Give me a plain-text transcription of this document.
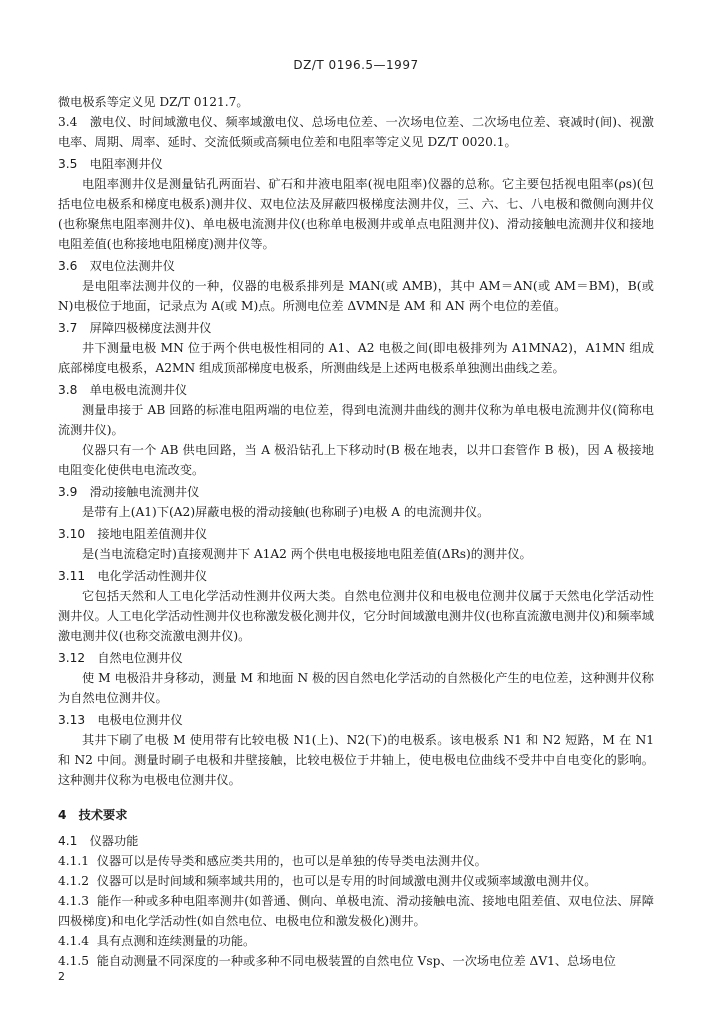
DZ/T 0196.5—1997
微电极系等定义见 DZ/T 0121.7。
3.4　激电仪、时间域激电仪、频率域激电仪、总场电位差、一次场电位差、二次场电位差、衰减时(间)、视激电率、周期、周率、延时、交流低频或高频电位差和电阻率等定义见 DZ/T 0020.1。
3.5　电阻率测井仪
电阻率测井仪是测量钻孔两面岩、矿石和井液电阻率(视电阻率)仪器的总称。它主要包括视电阻率(ρs)(包括电位电极系和梯度电极系)测井仪、双电位法及屏蔽四极梯度法测井仪，三、六、七、八电极和微侧向测井仪(也称聚焦电阻率测井仪)、单电极电流测井仪(也称单电极测井或单点电阻测井仪)、滑动接触电流测井仪和接地电阻差值(也称接地电阻梯度)测井仪等。
3.6　双电位法测井仪
是电阻率法测井仪的一种，仪器的电极系排列是 MAN(或 AMB)，其中 AM＝AN(或 AM＝BM)，B(或 N)电极位于地面，记录点为 A(或 M)点。所测电位差 ΔVMN是 AM 和 AN 两个电位的差值。
3.7　屏障四极梯度法测井仪
井下测量电极 MN 位于两个供电极性相同的 A1、A2 电极之间(即电极排列为 A1MNA2)，A1MN 组成底部梯度电极系，A2MN 组成顶部梯度电极系，所测曲线是上述两电极系单独测出曲线之差。
3.8　单电极电流测井仪
测量串接于 AB 回路的标准电阻两端的电位差，得到电流测井曲线的测井仪称为单电极电流测井仪(简称电流测井仪)。
仪器只有一个 AB 供电回路，当 A 极沿钻孔上下移动时(B 极在地表，以井口套管作 B 极)，因 A 极接地电阻变化使供电电流改变。
3.9　滑动接触电流测井仪
是带有上(A1)下(A2)屏蔽电极的滑动接触(也称刷子)电极 A 的电流测井仪。
3.10　接地电阻差值测井仪
是(当电流稳定时)直接观测井下 A1A2 两个供电电极接地电阻差值(ΔRs)的测井仪。
3.11　电化学活动性测井仪
它包括天然和人工电化学活动性测井仪两大类。自然电位测井仪和电极电位测井仪属于天然电化学活动性测井仪。人工电化学活动性测井仪也称激发极化测井仪，它分时间域激电测井仪(也称直流激电测井仪)和频率域激电测井仪(也称交流激电测井仪)。
3.12　自然电位测井仪
使 M 电极沿井身移动，测量 M 和地面 N 极的因自然电化学活动的自然极化产生的电位差，这种测井仪称为自然电位测井仪。
3.13　电极电位测井仪
其井下刷了电极 M 使用带有比较电极 N1(上)、N2(下)的电极系。该电极系 N1 和 N2 短路，M 在 N1 和 N2 中间。测量时刷子电极和井壁接触，比较电极位于井轴上，使电极电位曲线不受井中自电变化的影响。这种测井仪称为电极电位测井仪。
4　技术要求
4.1　仪器功能
4.1.1 仪器可以是传导类和感应类共用的，也可以是单独的传导类电法测井仪。
4.1.2 仪器可以是时间域和频率域共用的，也可以是专用的时间域激电测井仪或频率域激电测井仪。
4.1.3 能作一种或多种电阻率测井(如普通、侧向、单极电流、滑动接触电流、接地电阻差值、双电位法、屏障四极梯度)和电化学活动性(如自然电位、电极电位和激发极化)测井。
4.1.4 具有点测和连续测量的功能。
4.1.5 能自动测量不同深度的一种或多种不同电极装置的自然电位 Vsp、一次场电位差 ΔV1、总场电位
2
